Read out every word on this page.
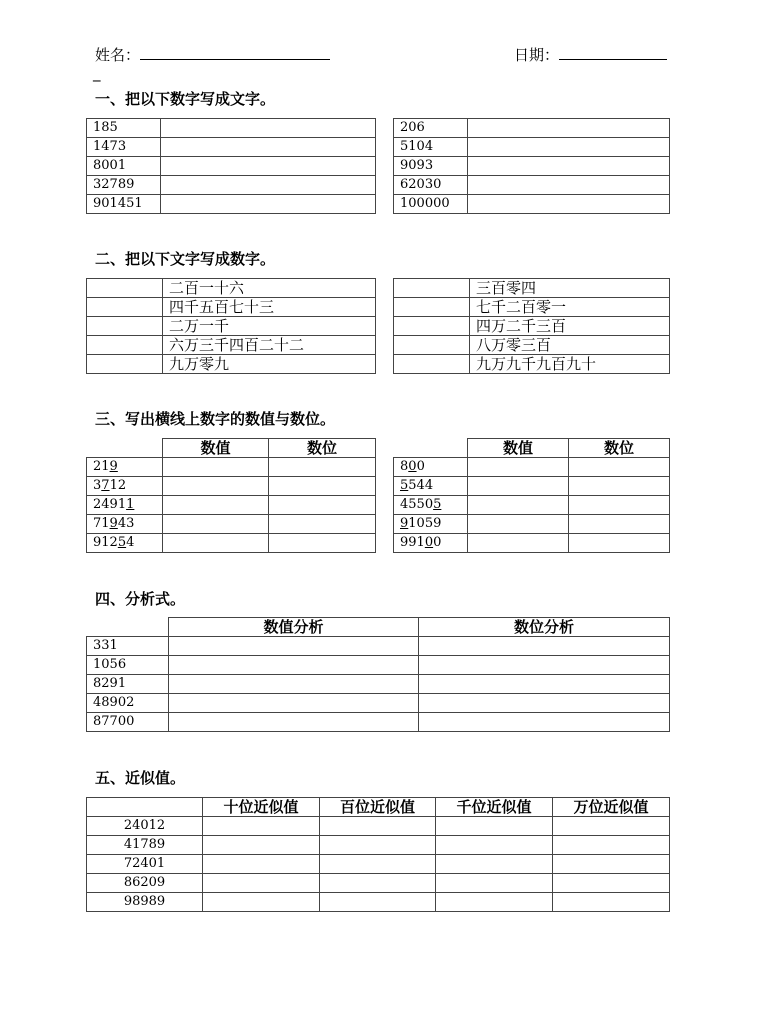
姓名：	日期：
_
一、把以下数字写成文字。
185	
1473	
8001	
32789	
901451	
206	
5104	
9093	
62030	
100000	
二、把以下文字写成数字。
	二百一十六
	四千五百七十三
	二万一千
	六万三千四百二十二
	九万零九
	三百零四
	七千二百零一
	四万二千三百
	八万零三百
	九万九千九百九十
三、写出横线上数字的数值与数位。
	数值	数位
219		
3712		
24911		
71943		
91254		
	数值	数位
800		
5544		
45505		
91059		
99100		
四、分析式。
	数值分析	数位分析
331		
1056		
8291		
48902		
87700		
五、近似值。
	十位近似值	百位近似值	千位近似值	万位近似值
24012				
41789				
72401				
86209				
98989				
